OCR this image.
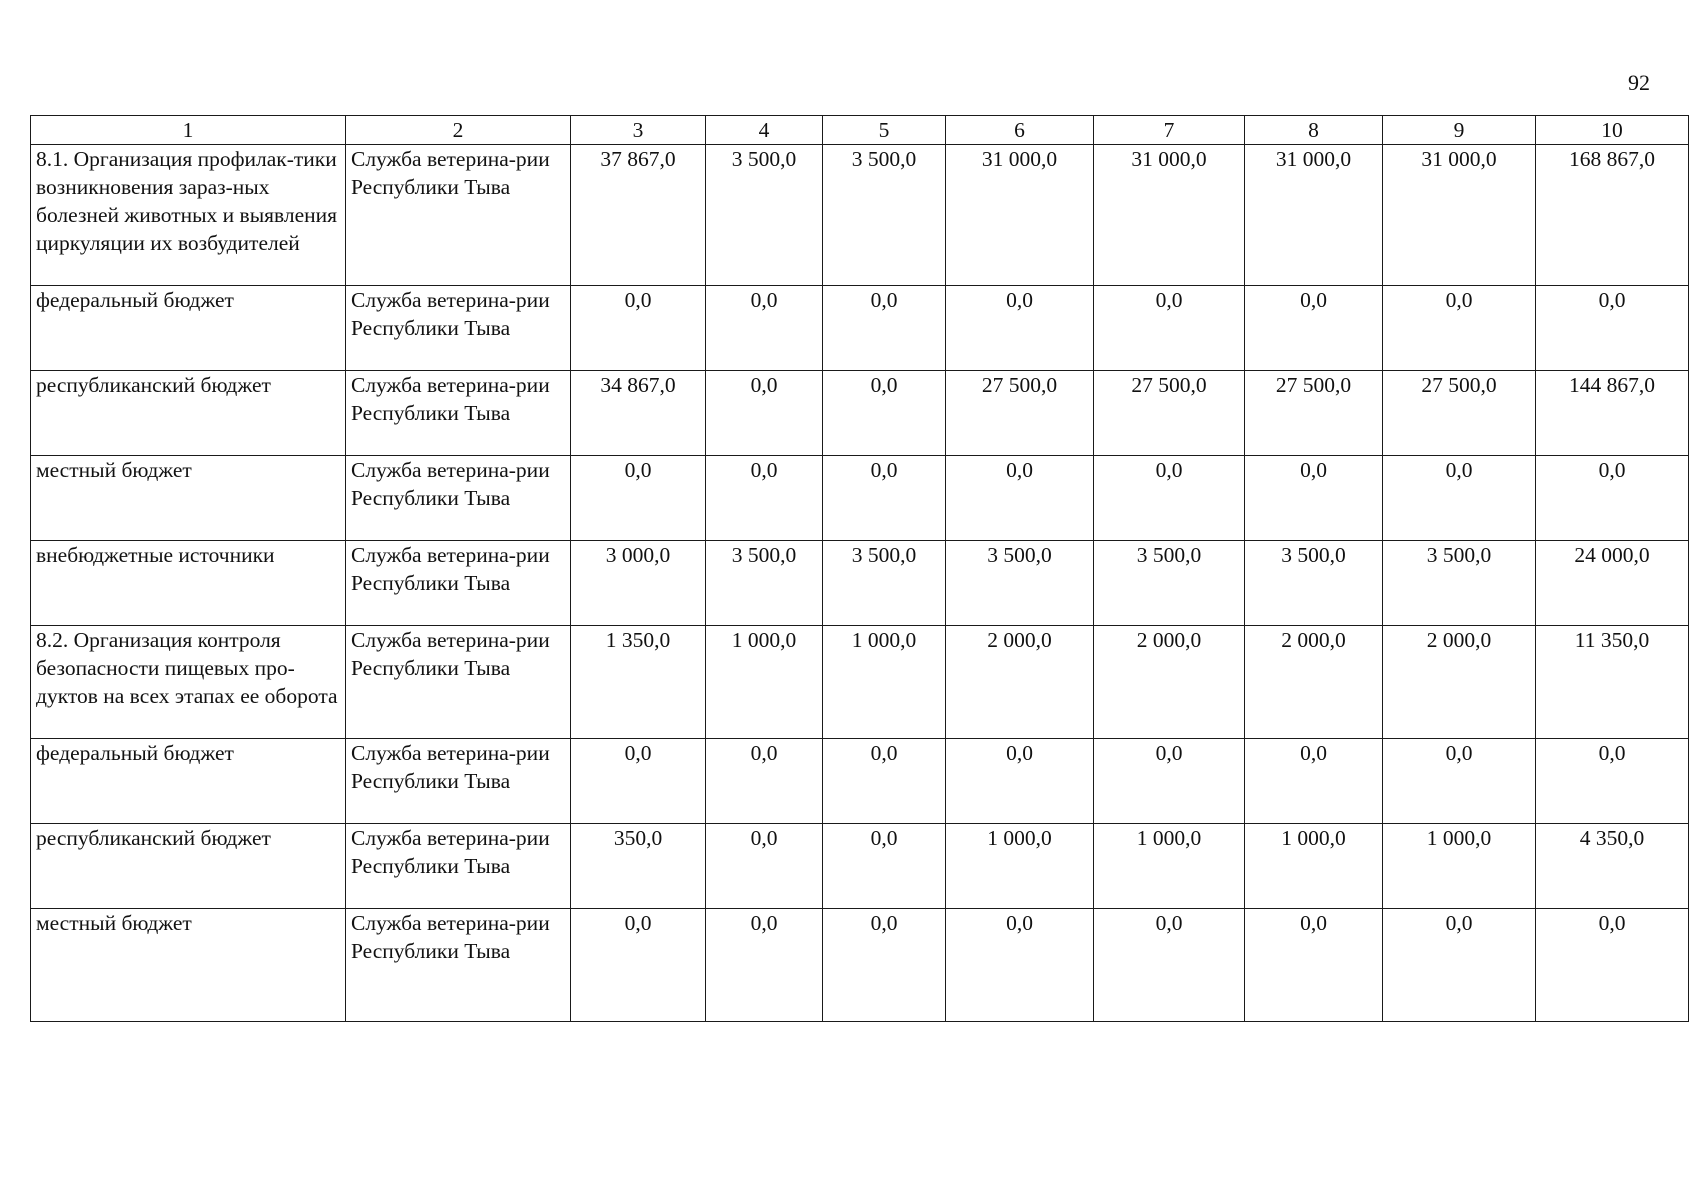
92
1	2	3	4	5	6	7	8	9	10
8.1. Организация профилак-тики возникновения зараз-ных болезней животных и выявления циркуляции их возбудителей	Служба ветерина-рии Республики Тыва	37 867,0	3 500,0	3 500,0	31 000,0	31 000,0	31 000,0	31 000,0	168 867,0
федеральный бюджет	Служба ветерина-рии Республики Тыва	0,0	0,0	0,0	0,0	0,0	0,0	0,0	0,0
республиканский бюджет	Служба ветерина-рии Республики Тыва	34 867,0	0,0	0,0	27 500,0	27 500,0	27 500,0	27 500,0	144 867,0
местный бюджет	Служба ветерина-рии Республики Тыва	0,0	0,0	0,0	0,0	0,0	0,0	0,0	0,0
внебюджетные источники	Служба ветерина-рии Республики Тыва	3 000,0	3 500,0	3 500,0	3 500,0	3 500,0	3 500,0	3 500,0	24 000,0
8.2. Организация контроля безопасности пищевых про-дуктов на всех этапах ее оборота	Служба ветерина-рии Республики Тыва	1 350,0	1 000,0	1 000,0	2 000,0	2 000,0	2 000,0	2 000,0	11 350,0
федеральный бюджет	Служба ветерина-рии Республики Тыва	0,0	0,0	0,0	0,0	0,0	0,0	0,0	0,0
республиканский бюджет	Служба ветерина-рии Республики Тыва	350,0	0,0	0,0	1 000,0	1 000,0	1 000,0	1 000,0	4 350,0
местный бюджет	Служба ветерина-рии Республики Тыва	0,0	0,0	0,0	0,0	0,0	0,0	0,0	0,0
